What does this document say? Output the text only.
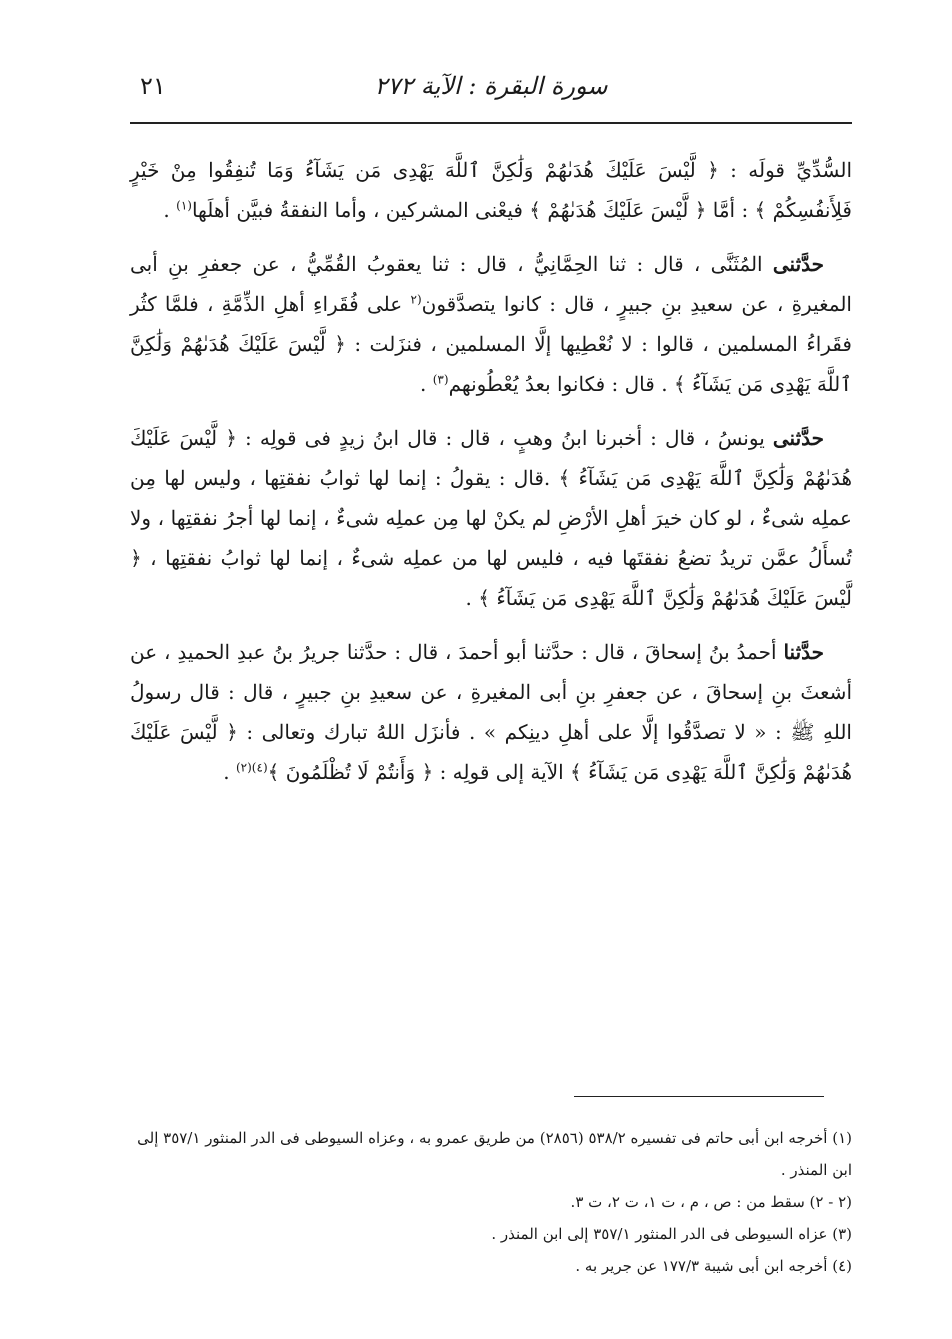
٢١	سورة البقرة : الآية ٢٧٢

السُّدِّيِّ قولَه : ﴿ لَّيْسَ عَلَيْكَ هُدَىٰهُمْ وَلَٰكِنَّ ٱللَّهَ يَهْدِى مَن يَشَآءُ وَمَا تُنفِقُوا مِنْ خَيْرٍ فَلِأَنفُسِكُمْ ﴾ : أمَّا ﴿ لَّيْسَ عَلَيْكَ هُدَىٰهُمْ ﴾ فيعْنى المشركين ، وأما النفقةُ فبيَّن أهلَها$^{(١)}$ .

حدَّثنى المُثَنَّى ، قال : ثنا الحِمَّانِيُّ ، قال : ثنا يعقوبُ القُمِّيُّ ، عن جعفرِ بنِ أبى المغيرةِ ، عن سعيدِ بنِ جبيرٍ ، قال : كانوا يتصدَّقون$^{(٢}$ على فُقَراءِ أهلِ الذِّمَّةِ ، فلمَّا كثُر فقَراءُ المسلمين ، قالوا : لا نُعْطِيها إلَّا المسلمين ، فنزَلت : ﴿ لَّيْسَ عَلَيْكَ هُدَىٰهُمْ وَلَٰكِنَّ ٱللَّهَ يَهْدِى مَن يَشَآءُ ﴾ . قال : فكانوا بعدُ يُعْطُونهم$^{(٣)}$ .

حدَّثنى يونسُ ، قال : أخبرنا ابنُ وهبٍ ، قال : قال ابنُ زيدٍ فى قولِه : ﴿ لَّيْسَ عَلَيْكَ هُدَىٰهُمْ وَلَٰكِنَّ ٱللَّهَ يَهْدِى مَن يَشَآءُ ﴾ .قال : يقولُ : إنما لها ثوابُ نفقتِها ، وليس لها مِن عملِه شىءٌ ، لو كان خيرَ أهلِ الأرْضِ لم يكنْ لها مِن عملِه شىءٌ ، إنما لها أجرُ نفقتِها ، ولا تُسأَلُ عمَّن تريدُ تضعُ نفقتَها فيه ، فليس لها من عملِه شىءٌ ، إنما لها ثوابُ نفقتِها ، ﴿ لَّيْسَ عَلَيْكَ هُدَىٰهُمْ وَلَٰكِنَّ ٱللَّهَ يَهْدِى مَن يَشَآءُ ﴾ .

حدَّثنا أحمدُ بنُ إسحاقَ ، قال : حدَّثنا أبو أحمدَ ، قال : حدَّثنا جريرُ بنُ عبدِ الحميدِ ، عن أشعثَ بنِ إسحاقَ ، عن جعفرِ بنِ أبى المغيرةِ ، عن سعيدِ بنِ جبيرٍ ، قال : قال رسولُ اللهِ ﷺ : « لا تصدَّقُوا إلَّا على أهلِ دينِكم » . فأنزَل اللهُ تبارك وتعالى : ﴿ لَّيْسَ عَلَيْكَ هُدَىٰهُمْ وَلَٰكِنَّ ٱللَّهَ يَهْدِى مَن يَشَآءُ ﴾ الآية إلى قولِه : ﴿ وَأَنتُمْ لَا تُظْلَمُونَ ﴾$^{(٤)(٢)}$ .

(١) أخرجه ابن أبى حاتم فى تفسيره ٥٣٨/٢ (٢٨٥٦) من طريق عمرو به ، وعزاه السيوطى فى الدر المنثور ٣٥٧/١ إلى ابن المنذر .

(٢ - ٢) سقط من : ص ، م ، ت ١، ت ٢، ت ٣.

(٣) عزاه السيوطى فى الدر المنثور ٣٥٧/١ إلى ابن المنذر .

(٤) أخرجه ابن أبى شيبة ١٧٧/٣ عن جرير به .
